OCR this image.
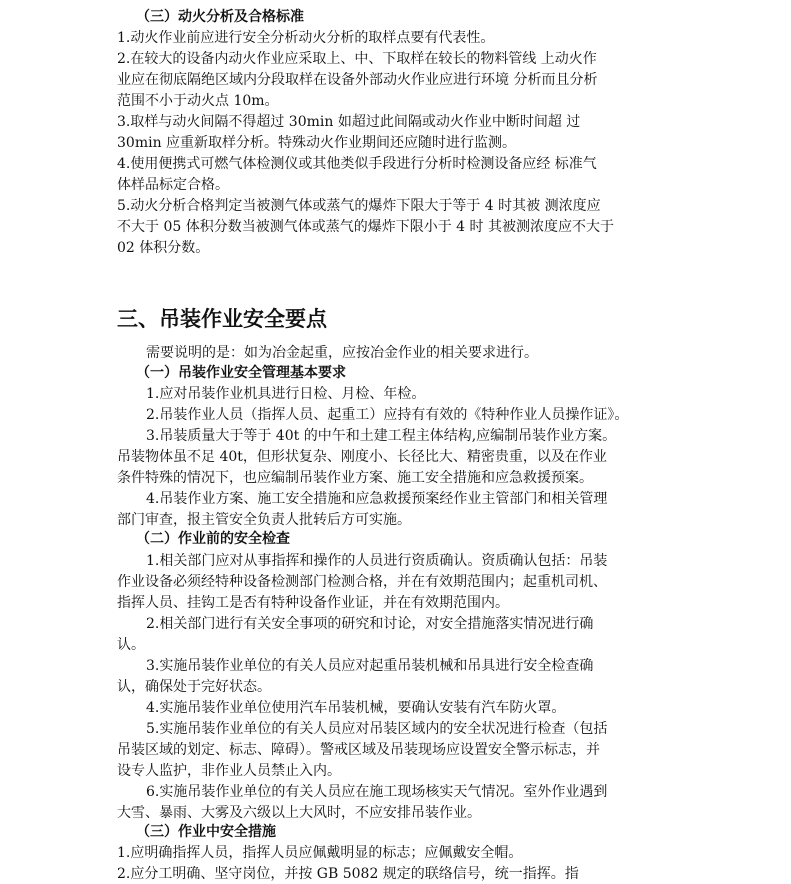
（三）动火分析及合格标准
1.动火作业前应进行安全分析动火分析的取样点要有代表性。
2.在较大的设备内动火作业应采取上、中、下取样在较长的物料管线 上动火作
业应在彻底隔绝区域内分段取样在设备外部动火作业应进行环境 分析而且分析
范围不小于动火点 10m。
3.取样与动火间隔不得超过 30min 如超过此间隔或动火作业中断时间超 过
30min 应重新取样分析。特殊动火作业期间还应随时进行监测。
4.使用便携式可燃气体检测仪或其他类似手段进行分析时检测设备应经 标准气
体样品标定合格。
5.动火分析合格判定当被测气体或蒸气的爆炸下限大于等于 4 时其被 测浓度应
不大于 05 体积分数当被测气体或蒸气的爆炸下限小于 4 时 其被测浓度应不大于
02 体积分数。
三、吊装作业安全要点
需要说明的是：如为冶金起重，应按冶金作业的相关要求进行。
（一）吊装作业安全管理基本要求
1.应对吊装作业机具进行日检、月检、年检。
2.吊装作业人员（指挥人员、起重工）应持有有效的《特种作业人员操作证》。
3.吊装质量大于等于 40t 的中午和土建工程主体结构,应编制吊装作业方案。
吊装物体虽不足 40t，但形状复杂、刚度小、长径比大、精密贵重，以及在作业
条件特殊的情况下，也应编制吊装作业方案、施工安全措施和应急救援预案。
4.吊装作业方案、施工安全措施和应急救援预案经作业主管部门和相关管理
部门审查，报主管安全负责人批转后方可实施。
（二）作业前的安全检查
1.相关部门应对从事指挥和操作的人员进行资质确认。资质确认包括：吊装
作业设备必须经特种设备检测部门检测合格，并在有效期范围内；起重机司机、
指挥人员、挂钩工是否有特种设备作业证，并在有效期范围内。
2.相关部门进行有关安全事项的研究和讨论，对安全措施落实情况进行确
认。
3.实施吊装作业单位的有关人员应对起重吊装机械和吊具进行安全检查确
认，确保处于完好状态。
4.实施吊装作业单位使用汽车吊装机械，要确认安装有汽车防火罩。
5.实施吊装作业单位的有关人员应对吊装区域内的安全状况进行检查（包括
吊装区域的划定、标志、障碍）。警戒区域及吊装现场应设置安全警示标志，并
设专人监护，非作业人员禁止入内。
6.实施吊装作业单位的有关人员应在施工现场核实天气情况。室外作业遇到
大雪、暴雨、大雾及六级以上大风时，不应安排吊装作业。
（三）作业中安全措施
1.应明确指挥人员，指挥人员应佩戴明显的标志；应佩戴安全帽。
2.应分工明确、坚守岗位，并按 GB 5082 规定的联络信号，统一指挥。指
